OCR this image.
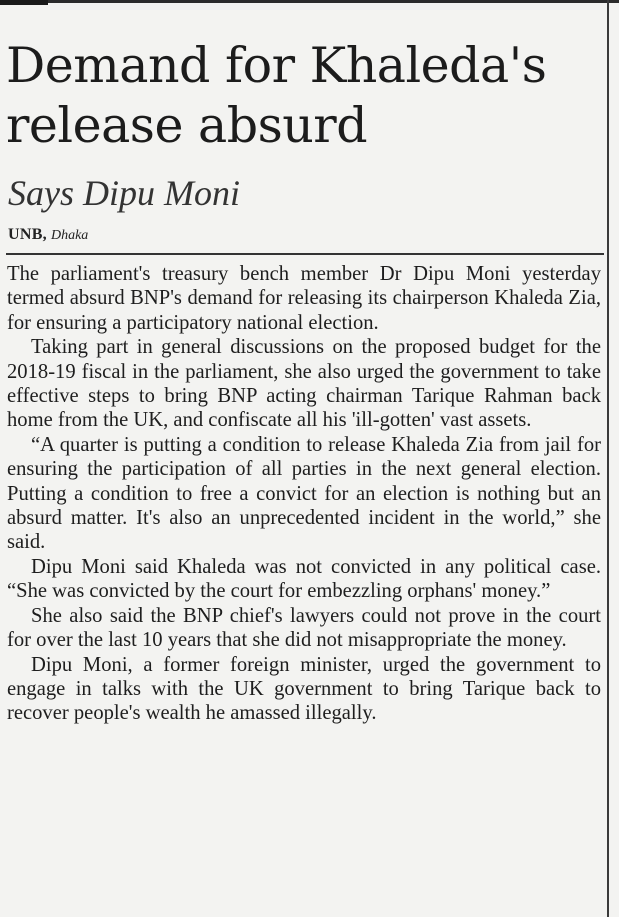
Demand for Khaleda's release absurd
Says Dipu Moni
UNB, Dhaka

The parliament's treasury bench member Dr Dipu Moni yesterday termed absurd BNP's demand for releasing its chairperson Khaleda Zia, for ensuring a participatory national election.

Taking part in general discussions on the proposed budget for the 2018-19 fiscal in the parliament, she also urged the government to take effective steps to bring BNP acting chairman Tarique Rahman back home from the UK, and confiscate all his 'ill-gotten' vast assets.

“A quarter is putting a condition to release Khaleda Zia from jail for ensuring the participation of all parties in the next general election. Putting a condition to free a convict for an election is nothing but an absurd matter. It's also an unprecedented incident in the world,” she said.

Dipu Moni said Khaleda was not convicted in any political case. “She was convicted by the court for embezzling orphans' money.”

She also said the BNP chief's lawyers could not prove in the court for over the last 10 years that she did not misappropriate the money.

Dipu Moni, a former foreign minister, urged the government to engage in talks with the UK government to bring Tarique back to recover people's wealth he amassed illegally.
